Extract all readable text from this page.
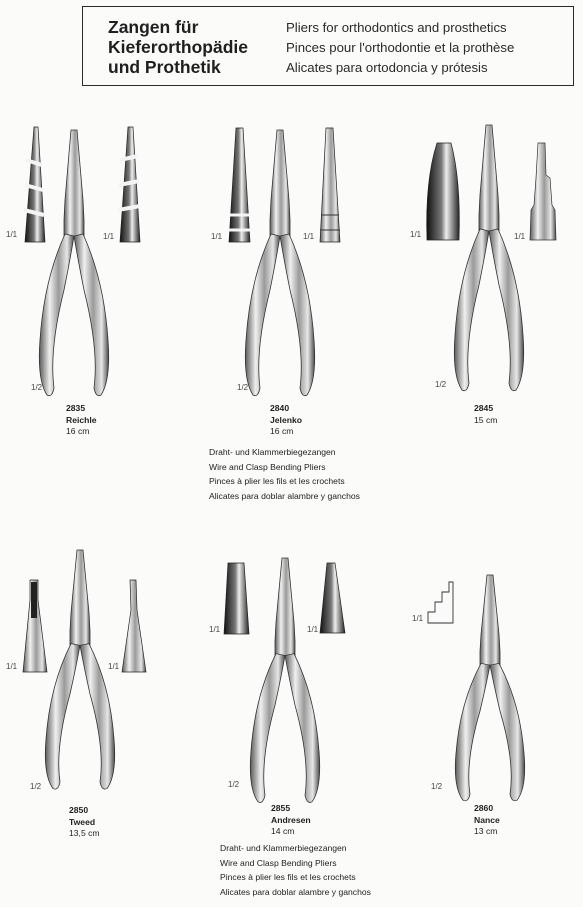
Zangen für
Kieferorthopädie
und Prothetik
Pliers for orthodontics and prosthetics
Pinces pour l'orthodontie et la prothèse
Alicates para ortodoncia y prótesis
1/1	1/1
1/2
1/1	1/1
1/2
1/1	1/1
1/2
1/1	1/1
1/2
1/1	1/1
1/2
1/1
1/2
2835
Reichle
16 cm
2840
Jelenko
16 cm
2845
15 cm
2850
Tweed
13,5 cm
2855
Andresen
14 cm
2860
Nance
13 cm
Draht- und Klammerbiegezangen
Wire and Clasp Bending Pliers
Pinces à plier les fils et les crochets
Alicates para doblar alambre y ganchos
Draht- und Klammerbiegezangen
Wire and Clasp Bending Pliers
Pinces à plier les fils et les crochets
Alicates para doblar alambre y ganchos
